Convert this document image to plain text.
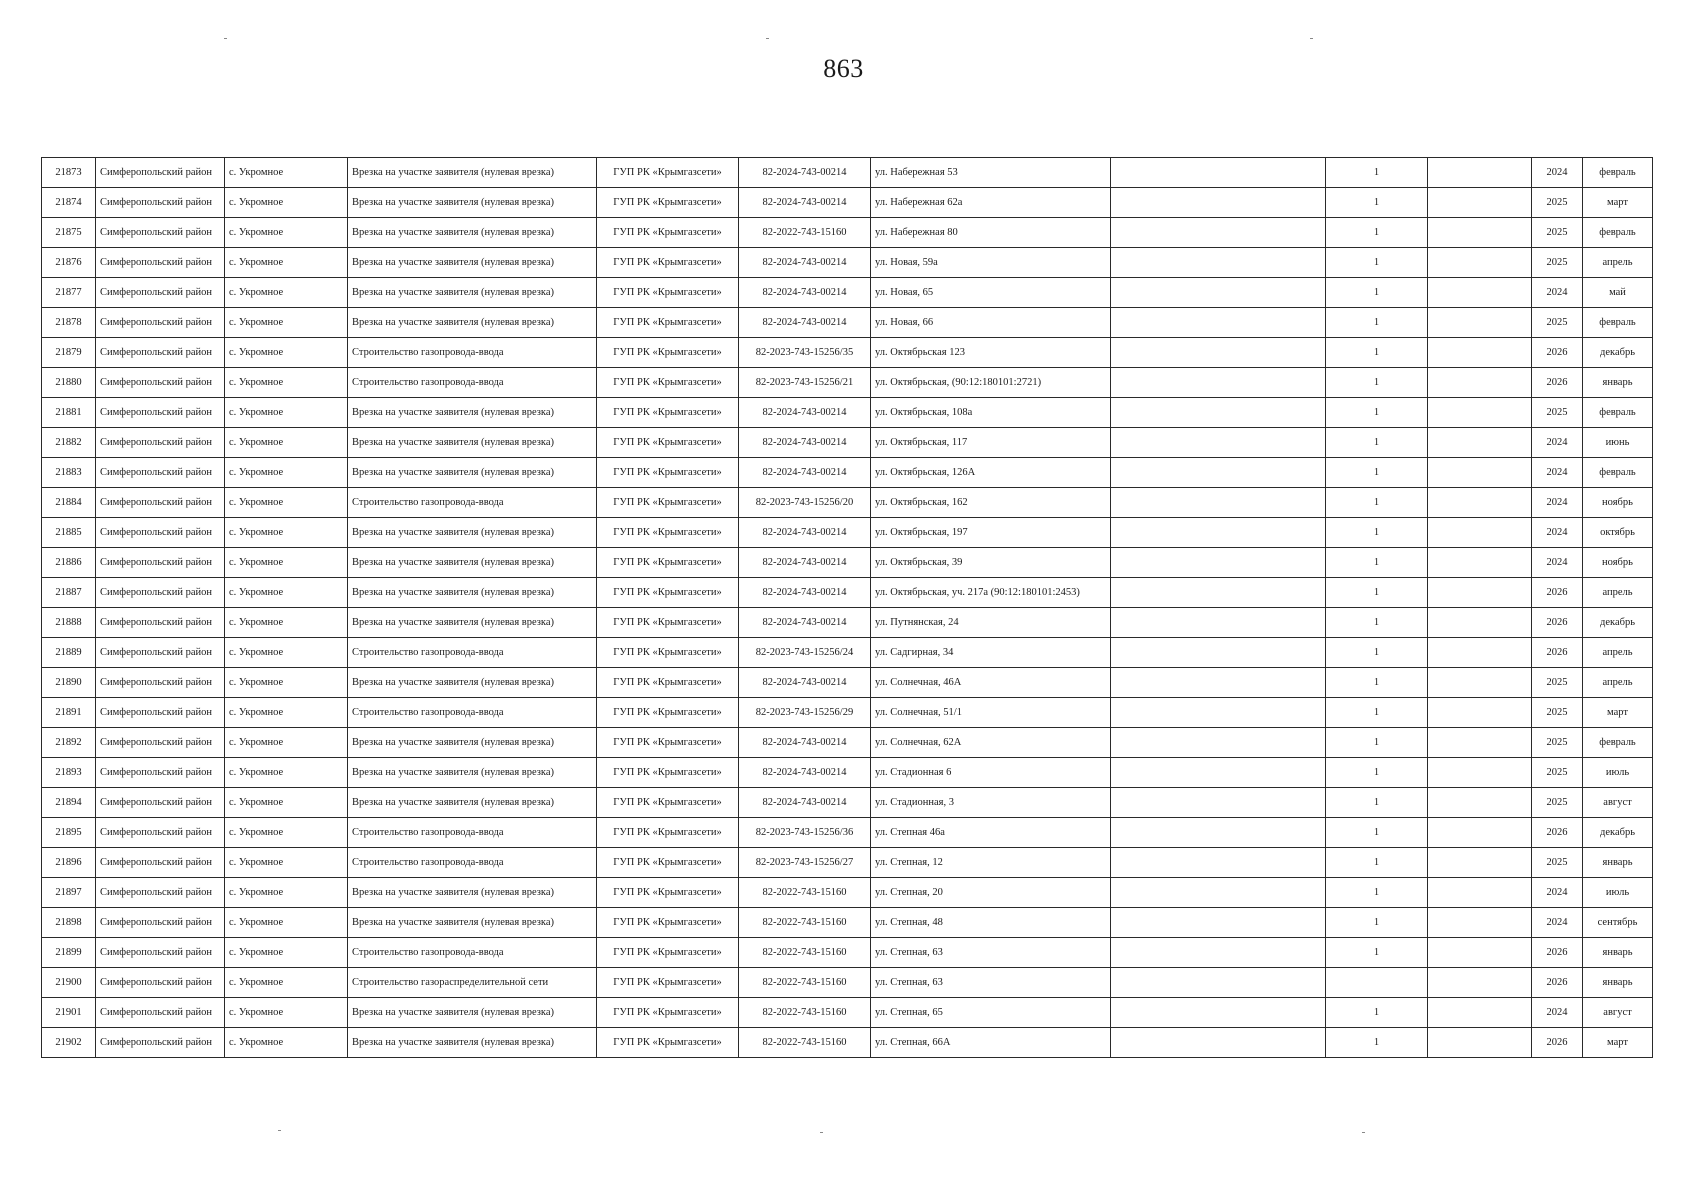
863
21873	Симферопольский район	с. Укромное	Врезка на участке заявителя (нулевая врезка)	ГУП РК «Крымгазсети»	82-2024-743-00214	ул. Набережная 53		1		2024	февраль
21874	Симферопольский район	с. Укромное	Врезка на участке заявителя (нулевая врезка)	ГУП РК «Крымгазсети»	82-2024-743-00214	ул. Набережная 62а		1		2025	март
21875	Симферопольский район	с. Укромное	Врезка на участке заявителя (нулевая врезка)	ГУП РК «Крымгазсети»	82-2022-743-15160	ул. Набережная 80		1		2025	февраль
21876	Симферопольский район	с. Укромное	Врезка на участке заявителя (нулевая врезка)	ГУП РК «Крымгазсети»	82-2024-743-00214	ул. Новая, 59а		1		2025	апрель
21877	Симферопольский район	с. Укромное	Врезка на участке заявителя (нулевая врезка)	ГУП РК «Крымгазсети»	82-2024-743-00214	ул. Новая, 65		1		2024	май
21878	Симферопольский район	с. Укромное	Врезка на участке заявителя (нулевая врезка)	ГУП РК «Крымгазсети»	82-2024-743-00214	ул. Новая, 66		1		2025	февраль
21879	Симферопольский район	с. Укромное	Строительство газопровода-ввода	ГУП РК «Крымгазсети»	82-2023-743-15256/35	ул. Октябрьская 123		1		2026	декабрь
21880	Симферопольский район	с. Укромное	Строительство газопровода-ввода	ГУП РК «Крымгазсети»	82-2023-743-15256/21	ул. Октябрьская, (90:12:180101:2721)		1		2026	январь
21881	Симферопольский район	с. Укромное	Врезка на участке заявителя (нулевая врезка)	ГУП РК «Крымгазсети»	82-2024-743-00214	ул. Октябрьская, 108а		1		2025	февраль
21882	Симферопольский район	с. Укромное	Врезка на участке заявителя (нулевая врезка)	ГУП РК «Крымгазсети»	82-2024-743-00214	ул. Октябрьская, 117		1		2024	июнь
21883	Симферопольский район	с. Укромное	Врезка на участке заявителя (нулевая врезка)	ГУП РК «Крымгазсети»	82-2024-743-00214	ул. Октябрьская, 126А		1		2024	февраль
21884	Симферопольский район	с. Укромное	Строительство газопровода-ввода	ГУП РК «Крымгазсети»	82-2023-743-15256/20	ул. Октябрьская, 162		1		2024	ноябрь
21885	Симферопольский район	с. Укромное	Врезка на участке заявителя (нулевая врезка)	ГУП РК «Крымгазсети»	82-2024-743-00214	ул. Октябрьская, 197		1		2024	октябрь
21886	Симферопольский район	с. Укромное	Врезка на участке заявителя (нулевая врезка)	ГУП РК «Крымгазсети»	82-2024-743-00214	ул. Октябрьская, 39		1		2024	ноябрь
21887	Симферопольский район	с. Укромное	Врезка на участке заявителя (нулевая врезка)	ГУП РК «Крымгазсети»	82-2024-743-00214	ул. Октябрьская, уч. 217а (90:12:180101:2453)		1		2026	апрель
21888	Симферопольский район	с. Укромное	Врезка на участке заявителя (нулевая врезка)	ГУП РК «Крымгазсети»	82-2024-743-00214	ул. Путнянская, 24		1		2026	декабрь
21889	Симферопольский район	с. Укромное	Строительство газопровода-ввода	ГУП РК «Крымгазсети»	82-2023-743-15256/24	ул. Садгирная, 34		1		2026	апрель
21890	Симферопольский район	с. Укромное	Врезка на участке заявителя (нулевая врезка)	ГУП РК «Крымгазсети»	82-2024-743-00214	ул. Солнечная, 46А		1		2025	апрель
21891	Симферопольский район	с. Укромное	Строительство газопровода-ввода	ГУП РК «Крымгазсети»	82-2023-743-15256/29	ул. Солнечная, 51/1		1		2025	март
21892	Симферопольский район	с. Укромное	Врезка на участке заявителя (нулевая врезка)	ГУП РК «Крымгазсети»	82-2024-743-00214	ул. Солнечная, 62А		1		2025	февраль
21893	Симферопольский район	с. Укромное	Врезка на участке заявителя (нулевая врезка)	ГУП РК «Крымгазсети»	82-2024-743-00214	ул. Стадионная 6		1		2025	июль
21894	Симферопольский район	с. Укромное	Врезка на участке заявителя (нулевая врезка)	ГУП РК «Крымгазсети»	82-2024-743-00214	ул. Стадионная, 3		1		2025	август
21895	Симферопольский район	с. Укромное	Строительство газопровода-ввода	ГУП РК «Крымгазсети»	82-2023-743-15256/36	ул. Степная 46а		1		2026	декабрь
21896	Симферопольский район	с. Укромное	Строительство газопровода-ввода	ГУП РК «Крымгазсети»	82-2023-743-15256/27	ул. Степная, 12		1		2025	январь
21897	Симферопольский район	с. Укромное	Врезка на участке заявителя (нулевая врезка)	ГУП РК «Крымгазсети»	82-2022-743-15160	ул. Степная, 20		1		2024	июль
21898	Симферопольский район	с. Укромное	Врезка на участке заявителя (нулевая врезка)	ГУП РК «Крымгазсети»	82-2022-743-15160	ул. Степная, 48		1		2024	сентябрь
21899	Симферопольский район	с. Укромное	Строительство газопровода-ввода	ГУП РК «Крымгазсети»	82-2022-743-15160	ул. Степная, 63		1		2026	январь
21900	Симферопольский район	с. Укромное	Строительство газораспределительной сети	ГУП РК «Крымгазсети»	82-2022-743-15160	ул. Степная, 63				2026	январь
21901	Симферопольский район	с. Укромное	Врезка на участке заявителя (нулевая врезка)	ГУП РК «Крымгазсети»	82-2022-743-15160	ул. Степная, 65		1		2024	август
21902	Симферопольский район	с. Укромное	Врезка на участке заявителя (нулевая врезка)	ГУП РК «Крымгазсети»	82-2022-743-15160	ул. Степная, 66А		1		2026	март
